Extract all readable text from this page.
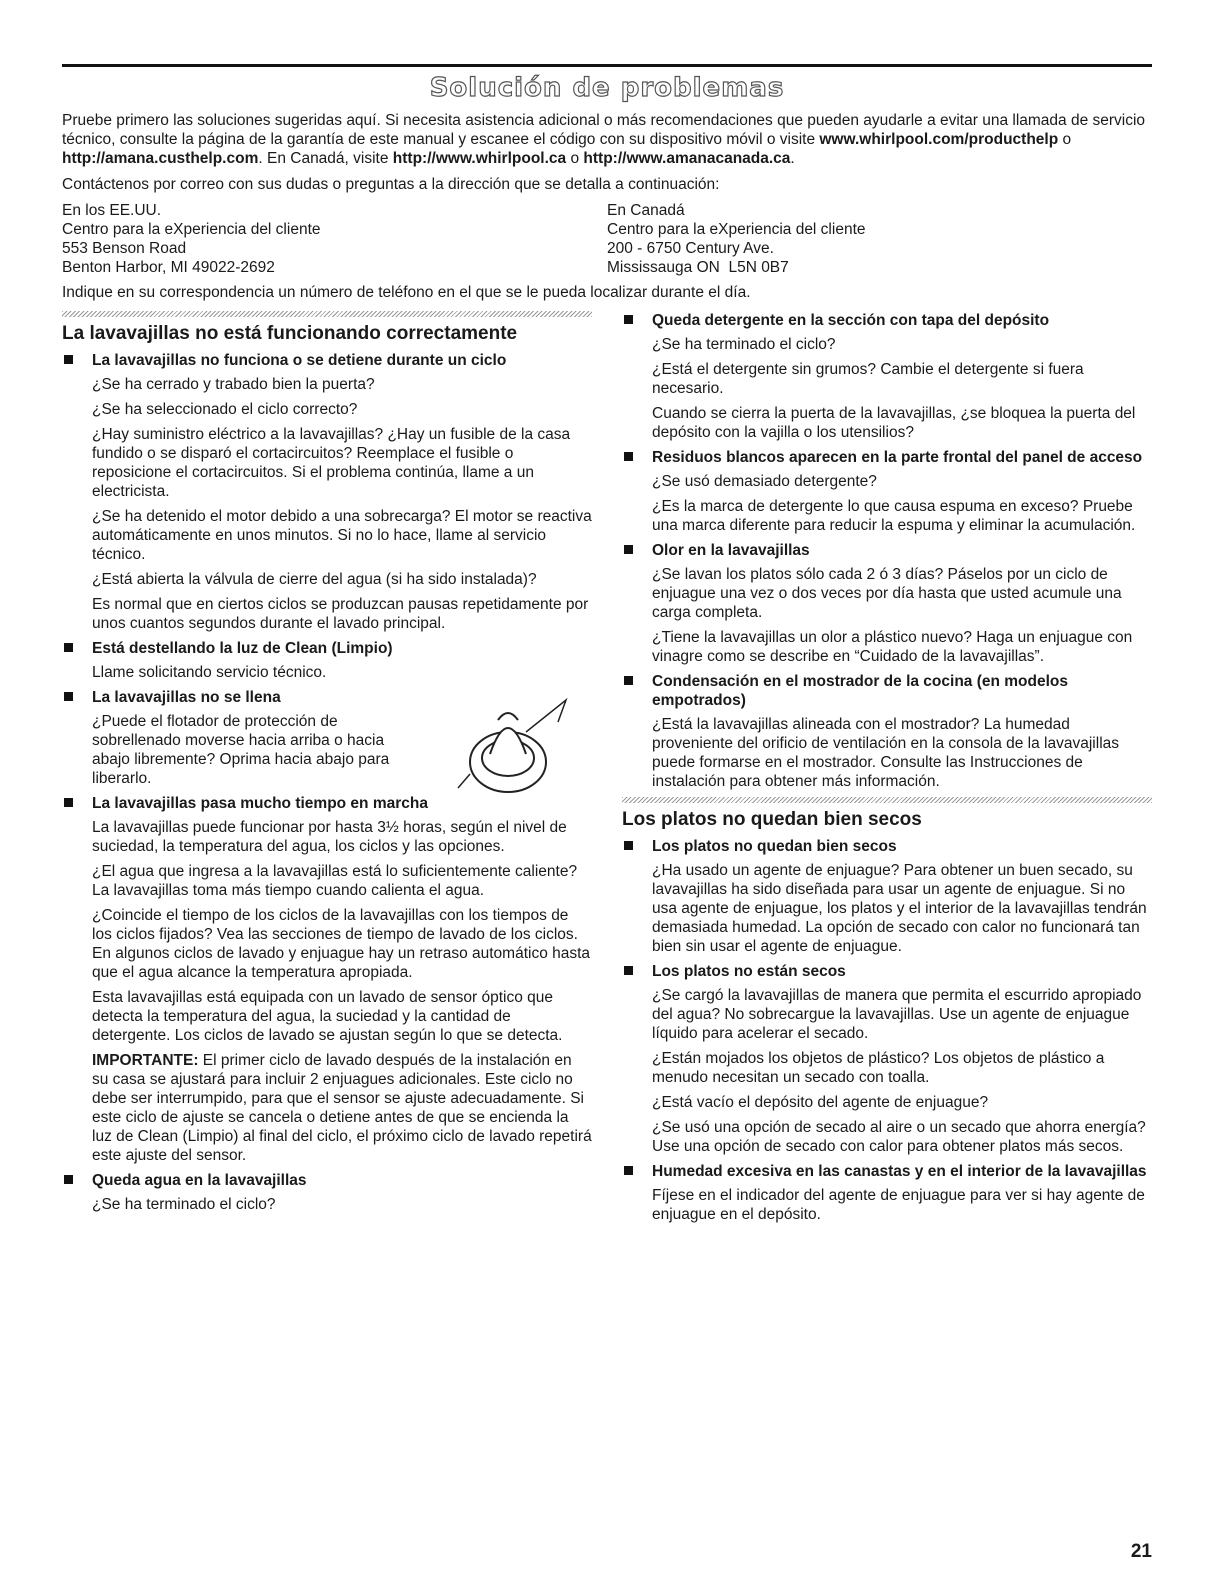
Solución de problemas

Pruebe primero las soluciones sugeridas aquí. Si necesita asistencia adicional o más recomendaciones que pueden ayudarle a evitar una llamada de servicio técnico, consulte la página de la garantía de este manual y escanee el código con su dispositivo móvil o visite www.whirlpool.com/producthelp o http://amana.custhelp.com. En Canadá, visite http://www.whirlpool.ca o http://www.amanacanada.ca.

Contáctenos por correo con sus dudas o preguntas a la dirección que se detalla a continuación:

En los EE.UU.
Centro para la eXperiencia del cliente
553 Benson Road
Benton Harbor, MI 49022-2692
En Canadá
Centro para la eXperiencia del cliente
200 - 6750 Century Ave.
Mississauga ON  L5N 0B7

Indique en su correspondencia un número de teléfono en el que se le pueda localizar durante el día.

La lavavajillas no está funcionando correctamente
La lavavajillas no funciona o se detiene durante un ciclo

¿Se ha cerrado y trabado bien la puerta?

¿Se ha seleccionado el ciclo correcto?

¿Hay suministro eléctrico a la lavavajillas? ¿Hay un fusible de la casa fundido o se disparó el cortacircuitos? Reemplace el fusible o reposicione el cortacircuitos. Si el problema continúa, llame a un electricista.

¿Se ha detenido el motor debido a una sobrecarga? El motor se reactiva automáticamente en unos minutos. Si no lo hace, llame al servicio técnico.

¿Está abierta la válvula de cierre del agua (si ha sido instalada)?

Es normal que en ciertos ciclos se produzcan pausas repetidamente por unos cuantos segundos durante el lavado principal.

Está destellando la luz de Clean (Limpio)

Llame solicitando servicio técnico.

La lavavajillas no se llena

¿Puede el flotador de protección de sobrellenado moverse hacia arriba o hacia abajo libremente? Oprima hacia abajo para liberarlo.

La lavavajillas pasa mucho tiempo en marcha

La lavavajillas puede funcionar por hasta 3½ horas, según el nivel de suciedad, la temperatura del agua, los ciclos y las opciones.

¿El agua que ingresa a la lavavajillas está lo suficientemente caliente? La lavavajillas toma más tiempo cuando calienta el agua.

¿Coincide el tiempo de los ciclos de la lavavajillas con los tiempos de los ciclos fijados? Vea las secciones de tiempo de lavado de los ciclos. En algunos ciclos de lavado y enjuague hay un retraso automático hasta que el agua alcance la temperatura apropiada.

Esta lavavajillas está equipada con un lavado de sensor óptico que detecta la temperatura del agua, la suciedad y la cantidad de detergente. Los ciclos de lavado se ajustan según lo que se detecta.

IMPORTANTE: El primer ciclo de lavado después de la instalación en su casa se ajustará para incluir 2 enjuagues adicionales. Este ciclo no debe ser interrumpido, para que el sensor se ajuste adecuadamente. Si este ciclo de ajuste se cancela o detiene antes de que se encienda la luz de Clean (Limpio) al final del ciclo, el próximo ciclo de lavado repetirá este ajuste del sensor.

Queda agua en la lavavajillas

¿Se ha terminado el ciclo?

Queda detergente en la sección con tapa del depósito

¿Se ha terminado el ciclo?

¿Está el detergente sin grumos? Cambie el detergente si fuera necesario.

Cuando se cierra la puerta de la lavavajillas, ¿se bloquea la puerta del depósito con la vajilla o los utensilios?

Residuos blancos aparecen en la parte frontal del panel de acceso

¿Se usó demasiado detergente?

¿Es la marca de detergente lo que causa espuma en exceso? Pruebe una marca diferente para reducir la espuma y eliminar la acumulación.

Olor en la lavavajillas

¿Se lavan los platos sólo cada 2 ó 3 días? Páselos por un ciclo de enjuague una vez o dos veces por día hasta que usted acumule una carga completa.

¿Tiene la lavavajillas un olor a plástico nuevo? Haga un enjuague con vinagre como se describe en “Cuidado de la lavavajillas”.

Condensación en el mostrador de la cocina (en modelos empotrados)

¿Está la lavavajillas alineada con el mostrador? La humedad proveniente del orificio de ventilación en la consola de la lavavajillas puede formarse en el mostrador. Consulte las Instrucciones de instalación para obtener más información.

Los platos no quedan bien secos
Los platos no quedan bien secos

¿Ha usado un agente de enjuague? Para obtener un buen secado, su lavavajillas ha sido diseñada para usar un agente de enjuague. Si no usa agente de enjuague, los platos y el interior de la lavavajillas tendrán demasiada humedad. La opción de secado con calor no funcionará tan bien sin usar el agente de enjuague.

Los platos no están secos

¿Se cargó la lavavajillas de manera que permita el escurrido apropiado del agua? No sobrecargue la lavavajillas. Use un agente de enjuague líquido para acelerar el secado.

¿Están mojados los objetos de plástico? Los objetos de plástico a menudo necesitan un secado con toalla.

¿Está vacío el depósito del agente de enjuague?

¿Se usó una opción de secado al aire o un secado que ahorra energía? Use una opción de secado con calor para obtener platos más secos.

Humedad excesiva en las canastas y en el interior de la lavavajillas

Fíjese en el indicador del agente de enjuague para ver si hay agente de enjuague en el depósito.

21
